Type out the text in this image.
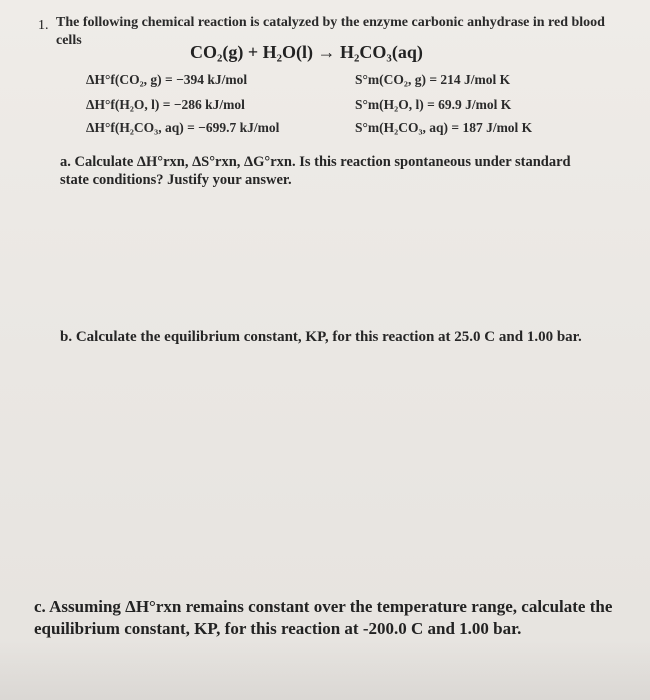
1. The following chemical reaction is catalyzed by the enzyme carbonic anhydrase in red blood cells
CO₂(g) + H₂O(l) → H₂CO₃(aq)
ΔH°f(CO₂, g) = −394 kJ/mol
ΔH°f(H₂O, l) = −286 kJ/mol
ΔH°f(H₂CO₃, aq) = −699.7 kJ/mol
S°m(CO₂, g) = 214 J/mol K
S°m(H₂O, l) = 69.9 J/mol K
S°m(H₂CO₃, aq) = 187 J/mol K
a. Calculate ΔH°rxn, ΔS°rxn, ΔG°rxn. Is this reaction spontaneous under standard state conditions? Justify your answer.
b. Calculate the equilibrium constant, KP, for this reaction at 25.0 C and 1.00 bar.
c. Assuming ΔH°rxn remains constant over the temperature range, calculate the equilibrium constant, KP, for this reaction at -200.0 C and 1.00 bar.
